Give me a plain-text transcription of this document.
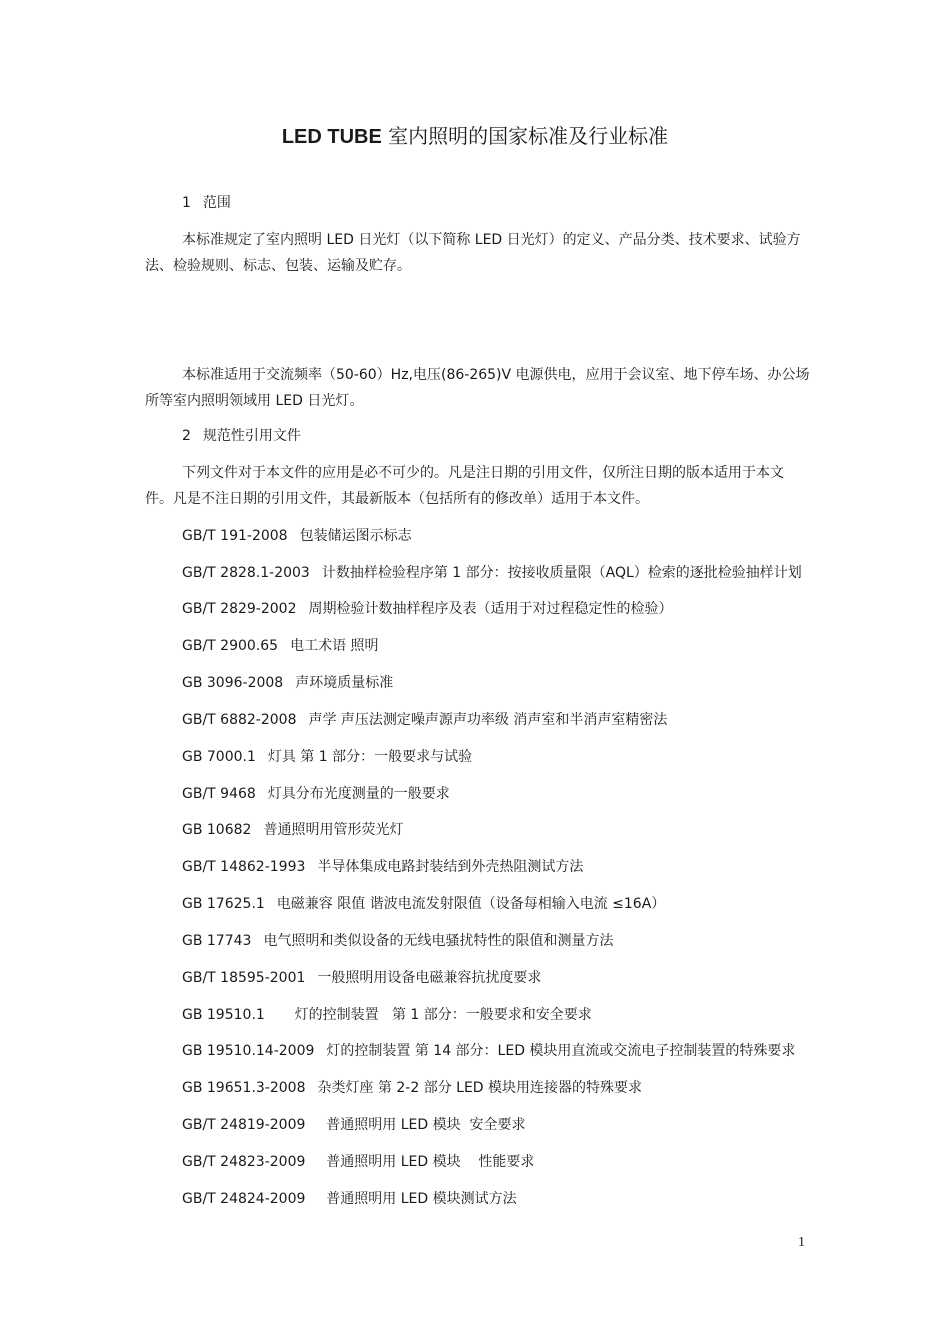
LED TUBE 室内照明的国家标准及行业标准
1 范围
本标准规定了室内照明 LED 日光灯（以下简称 LED 日光灯）的定义、产品分类、技术要求、试验方
法、检验规则、标志、包装、运输及贮存。
本标准适用于交流频率（50-60）Hz,电压(86-265)V 电源供电，应用于会议室、地下停车场、办公场
所等室内照明领域用 LED 日光灯。
2 规范性引用文件
下列文件对于本文件的应用是必不可少的。凡是注日期的引用文件，仅所注日期的版本适用于本文
件。凡是不注日期的引用文件，其最新版本（包括所有的修改单）适用于本文件。
GB/T 191-2008 包装储运图示标志
GB/T 2828.1-2003 计数抽样检验程序第 1 部分：按接收质量限（AQL）检索的逐批检验抽样计划
GB/T 2829-2002 周期检验计数抽样程序及表（适用于对过程稳定性的检验）
GB/T 2900.65 电工术语 照明
GB 3096-2008 声环境质量标准
GB/T 6882-2008 声学 声压法测定噪声源声功率级 消声室和半消声室精密法
GB 7000.1 灯具 第 1 部分：一般要求与试验
GB/T 9468 灯具分布光度测量的一般要求
GB 10682 普通照明用管形荧光灯
GB/T 14862-1993 半导体集成电路封装结到外壳热阻测试方法
GB 17625.1 电磁兼容 限值 谐波电流发射限值（设备每相输入电流 ≤16A）
GB 17743 电气照明和类似设备的无线电骚扰特性的限值和测量方法
GB/T 18595-2001 一般照明用设备电磁兼容抗扰度要求
GB 19510.1    灯的控制装置   第 1 部分：一般要求和安全要求
GB 19510.14-2009 灯的控制装置 第 14 部分：LED 模块用直流或交流电子控制装置的特殊要求
GB 19651.3-2008 杂类灯座 第 2-2 部分 LED 模块用连接器的特殊要求
GB/T 24819-2009  普通照明用 LED 模块  安全要求
GB/T 24823-2009  普通照明用 LED 模块    性能要求
GB/T 24824-2009  普通照明用 LED 模块测试方法
1
